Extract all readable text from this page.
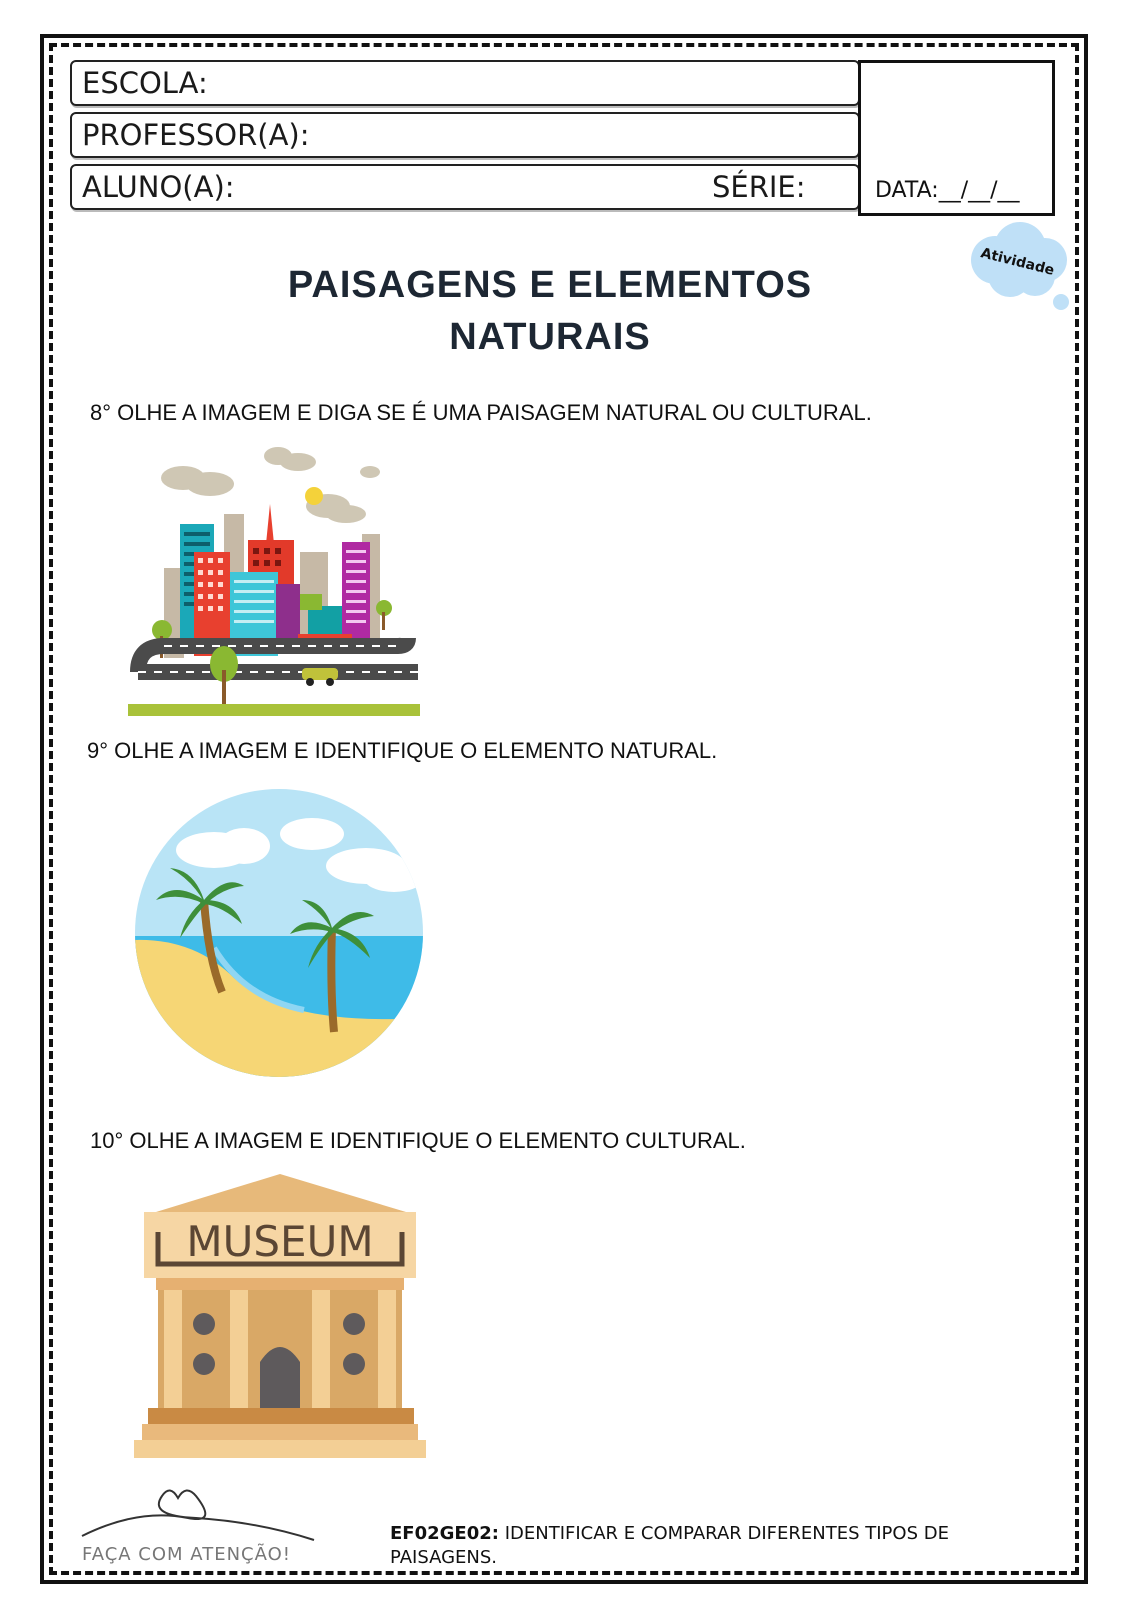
ESCOLA:
PROFESSOR(A):
ALUNO(A):	SÉRIE:	DATA:__/__/__
Atividade
PAISAGENS E ELEMENTOS
NATURAIS
8° OLHE A IMAGEM E DIGA SE É UMA PAISAGEM NATURAL OU CULTURAL.
9° OLHE A IMAGEM E IDENTIFIQUE O ELEMENTO NATURAL.
10° OLHE A IMAGEM E IDENTIFIQUE O ELEMENTO CULTURAL.
MUSEUM
FAÇA COM ATENÇÃO!
EF02GE02: IDENTIFICAR E COMPARAR DIFERENTES TIPOS DE PAISAGENS.
